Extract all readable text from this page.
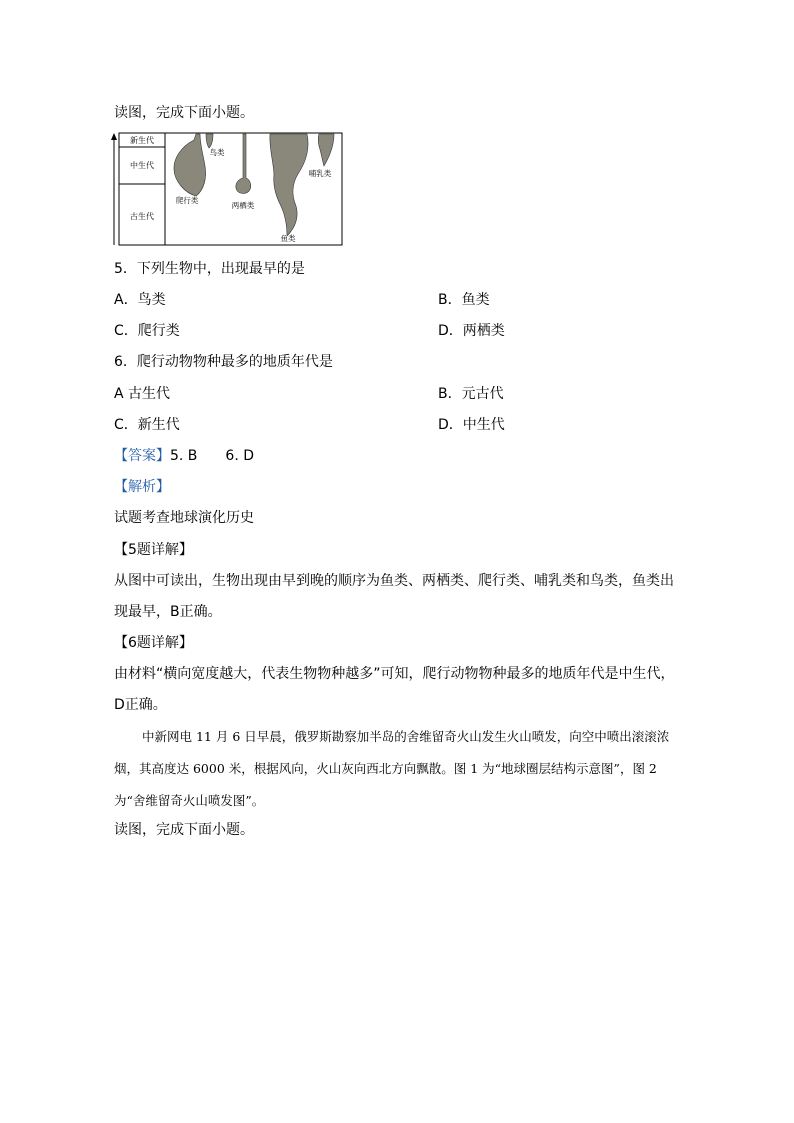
读图，完成下面小题。
新生代
中生代
古生代
鸟类
爬行类
两栖类
鱼类
哺乳类
5．下列生物中，出现最早的是
A．鸟类	B．鱼类
C．爬行类	D．两栖类
6．爬行动物物种最多的地质年代是
A 古生代	B．元古代
C．新生代	D．中生代
【答案】5. B　　6. D
【解析】
试题考查地球演化历史
【5题详解】
从图中可读出，生物出现由早到晚的顺序为鱼类、两栖类、爬行类、哺乳类和鸟类，鱼类出现最早，B正确。
【6题详解】
由材料“横向宽度越大，代表生物物种越多”可知，爬行动物物种最多的地质年代是中生代，D正确。
中新网电 11 月 6 日早晨，俄罗斯勘察加半岛的舍维留奇火山发生火山喷发，向空中喷出滚滚浓烟，其高度达 6000 米，根据风向，火山灰向西北方向飘散。图 1 为“地球圈层结构示意图”，图 2 为“舍维留奇火山喷发图”。
读图，完成下面小题。
